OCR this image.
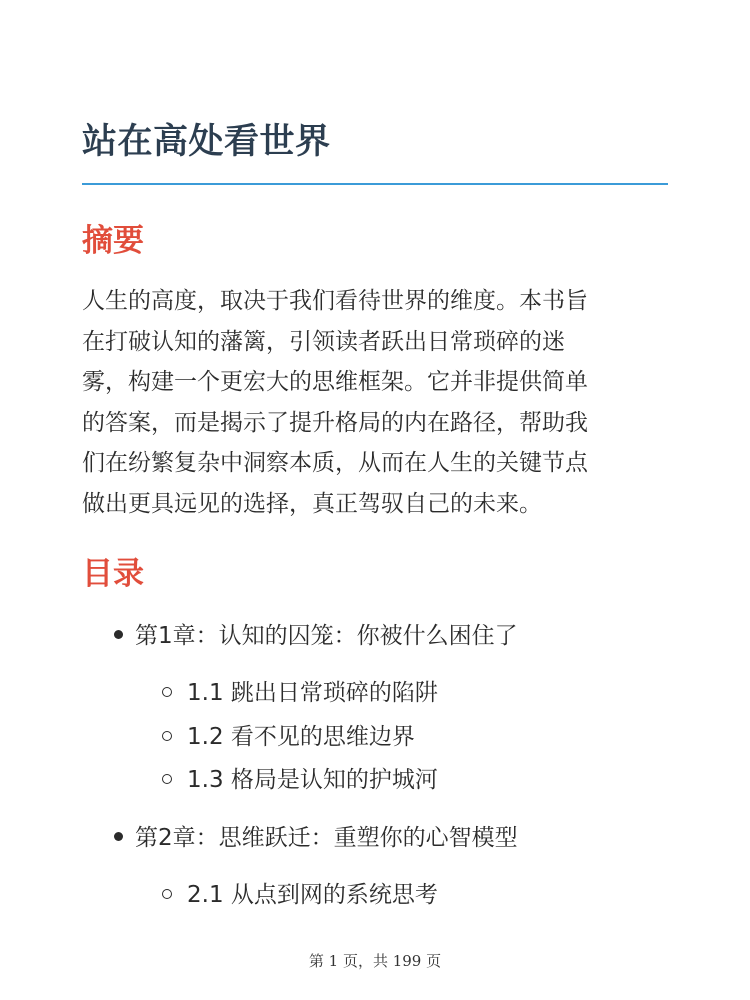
站在高处看世界
摘要
人生的高度，取决于我们看待世界的维度。本书旨
在打破认知的藩篱，引领读者跃出日常琐碎的迷
雾，构建一个更宏大的思维框架。它并非提供简单
的答案，而是揭示了提升格局的内在路径，帮助我
们在纷繁复杂中洞察本质，从而在人生的关键节点
做出更具远见的选择，真正驾驭自己的未来。
目录
第1章：认知的囚笼：你被什么困住了
1.1 跳出日常琐碎的陷阱
1.2 看不见的思维边界
1.3 格局是认知的护城河
第2章：思维跃迁：重塑你的心智模型
2.1 从点到网的系统思考
第 1 页，共 199 页
